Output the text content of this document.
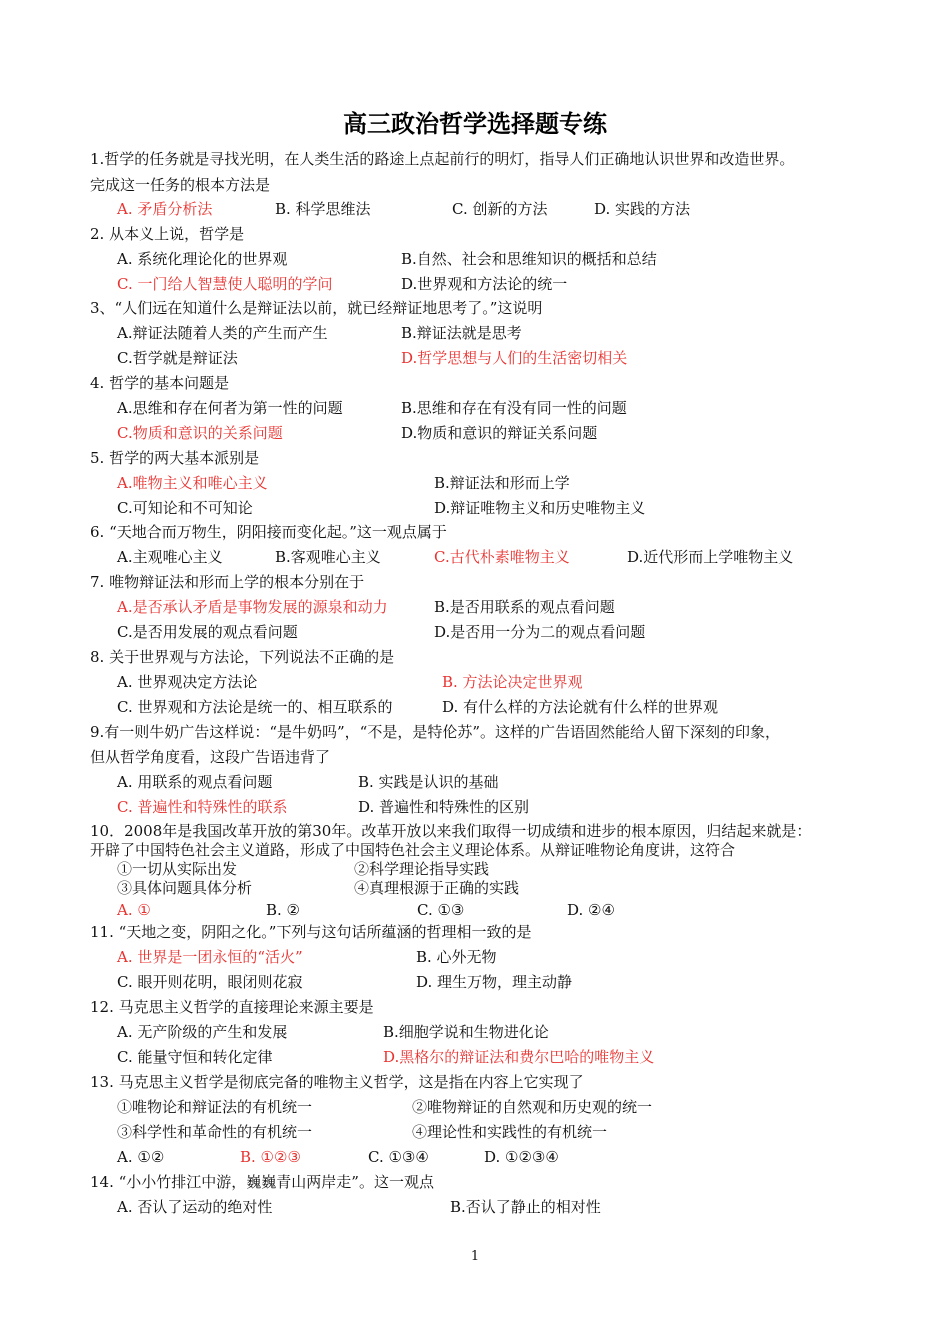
高三政治哲学选择题专练
1.哲学的任务就是寻找光明，在人类生活的路途上点起前行的明灯，指导人们正确地认识世界和改造世界。
完成这一任务的根本方法是
A. 矛盾分析法	B. 科学思维法	C. 创新的方法	D. 实践的方法
2. 从本义上说，哲学是
A. 系统化理论化的世界观	B.自然、社会和思维知识的概括和总结
C. 一门给人智慧使人聪明的学问	D.世界观和方法论的统一
3、“人们远在知道什么是辩证法以前，就已经辩证地思考了。”这说明
A.辩证法随着人类的产生而产生	B.辩证法就是思考
C.哲学就是辩证法	D.哲学思想与人们的生活密切相关
4. 哲学的基本问题是
A.思维和存在何者为第一性的问题	B.思维和存在有没有同一性的问题
C.物质和意识的关系问题	D.物质和意识的辩证关系问题
5. 哲学的两大基本派别是
A.唯物主义和唯心主义	B.辩证法和形而上学
C.可知论和不可知论	D.辩证唯物主义和历史唯物主义
6. “天地合而万物生，阴阳接而变化起。”这一观点属于
A.主观唯心主义	B.客观唯心主义	C.古代朴素唯物主义	D.近代形而上学唯物主义
7. 唯物辩证法和形而上学的根本分别在于
A.是否承认矛盾是事物发展的源泉和动力	B.是否用联系的观点看问题
C.是否用发展的观点看问题	D.是否用一分为二的观点看问题
8. 关于世界观与方法论，下列说法不正确的是
A. 世界观决定方法论	B. 方法论决定世界观
C. 世界观和方法论是统一的、相互联系的	D. 有什么样的方法论就有什么样的世界观
9.有一则牛奶广告这样说：“是牛奶吗”，“不是，是特伦苏”。这样的广告语固然能给人留下深刻的印象，
但从哲学角度看，这段广告语违背了
A. 用联系的观点看问题	B. 实践是认识的基础
C. 普遍性和特殊性的联系	D. 普遍性和特殊性的区别
10．2008年是我国改革开放的第30年。改革开放以来我们取得一切成绩和进步的根本原因，归结起来就是：
开辟了中国特色社会主义道路，形成了中国特色社会主义理论体系。从辩证唯物论角度讲，这符合
①一切从实际出发	②科学理论指导实践
③具体问题具体分析	④真理根源于正确的实践
A. ①	B. ②	C. ①③	D. ②④
11. “天地之变，阴阳之化。”下列与这句话所蕴涵的哲理相一致的是
A. 世界是一团永恒的“活火”	B. 心外无物
C. 眼开则花明，眼闭则花寂	D. 理生万物，理主动静
12. 马克思主义哲学的直接理论来源主要是
A. 无产阶级的产生和发展	B.细胞学说和生物进化论
C. 能量守恒和转化定律	D.黑格尔的辩证法和费尔巴哈的唯物主义
13. 马克思主义哲学是彻底完备的唯物主义哲学，这是指在内容上它实现了
①唯物论和辩证法的有机统一	②唯物辩证的自然观和历史观的统一
③科学性和革命性的有机统一	④理论性和实践性的有机统一
A. ①②	B. ①②③	C. ①③④	D. ①②③④
14. “小小竹排江中游，巍巍青山两岸走”。这一观点
A. 否认了运动的绝对性	B.否认了静止的相对性
1
